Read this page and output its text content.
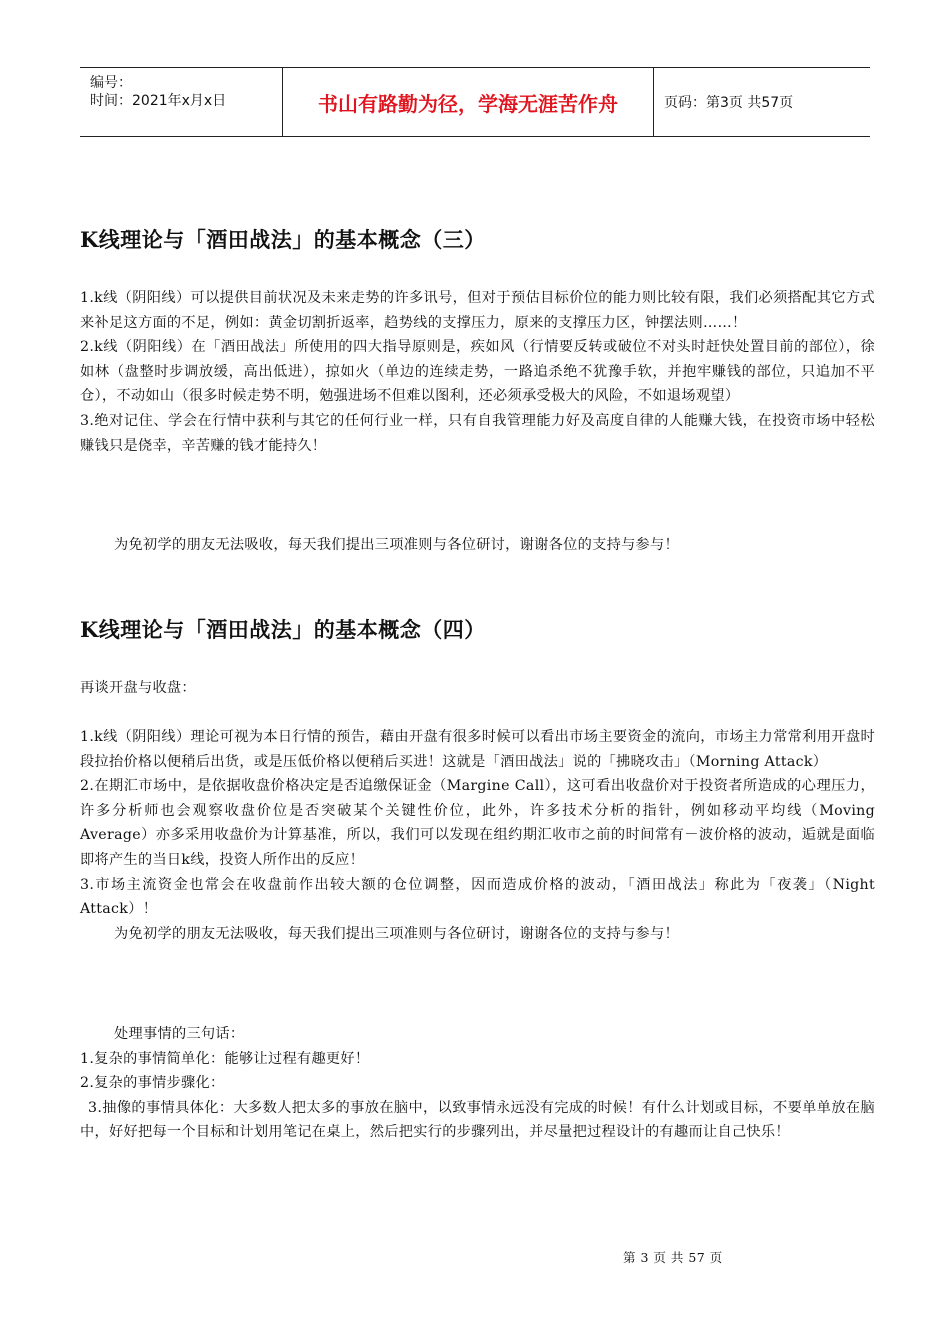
编号：
时间：2021年x月x日	书山有路勤为径，学海无涯苦作舟	页码：第3页 共57页
K线理论与「酒田战法」的基本概念（三）

1.k线（阴阳线）可以提供目前状况及未来走势的许多讯号，但对于预估目标价位的能力则比较有限，我们必须搭配其它方式来补足这方面的不足，例如：黄金切割折返率，趋势线的支撑压力，原来的支撑压力区，钟摆法则……！

2.k线（阴阳线）在「酒田战法」所使用的四大指导原则是，疾如风（行情要反转或破位不对头时赶快处置目前的部位），徐如林（盘整时步调放缓，高出低进），掠如火（单边的连续走势，一路追杀绝不犹豫手软，并抱牢赚钱的部位，只追加不平仓），不动如山（很多时候走势不明，勉强进场不但难以图利，还必须承受极大的风险，不如退场观望）

3.绝对记住、学会在行情中获利与其它的任何行业一样，只有自我管理能力好及高度自律的人能赚大钱，在投资市场中轻松赚钱只是侥幸，辛苦赚的钱才能持久！

为免初学的朋友无法吸收，每天我们提出三项准则与各位研讨，谢谢各位的支持与参与！
K线理论与「酒田战法」的基本概念（四）
再谈开盘与收盘：

1.k线（阴阳线）理论可视为本日行情的预告，藉由开盘有很多时候可以看出市场主要资金的流向，市场主力常常利用开盘时段拉抬价格以便稍后出货，或是压低价格以便稍后买进！这就是「酒田战法」说的「拂晓攻击」（Morning Attack）

2.在期汇市场中，是依据收盘价格决定是否追缴保证金（Margine Call），这可看出收盘价对于投资者所造成的心理压力，许多分析师也会观察收盘价位是否突破某个关键性价位，此外，许多技术分析的指针，例如移动平均线（Moving Average）亦多采用收盘价为计算基准，所以，我们可以发现在组约期汇收市之前的时间常有－波价格的波动，逅就是面临即将产生的当日k线，投资人所作出的反应！

3.市场主流资金也常会在收盘前作出较大额的仓位调整，因而造成价格的波动，「酒田战法」称此为「夜袭」（Night Attack）！

为免初学的朋友无法吸收，每天我们提出三项准则与各位研讨，谢谢各位的支持与参与！

处理事情的三句话：

1.复杂的事情简单化：能够让过程有趣更好！

2.复杂的事情步骤化：

3.抽像的事情具体化：大多数人把太多的事放在脑中，以致事情永远没有完成的时候！有什么计划或目标，不要单单放在脑中，好好把每一个目标和计划用笔记在桌上，然后把实行的步骤列出，并尽量把过程设计的有趣而让自己快乐！

第 3 页 共 57 页
